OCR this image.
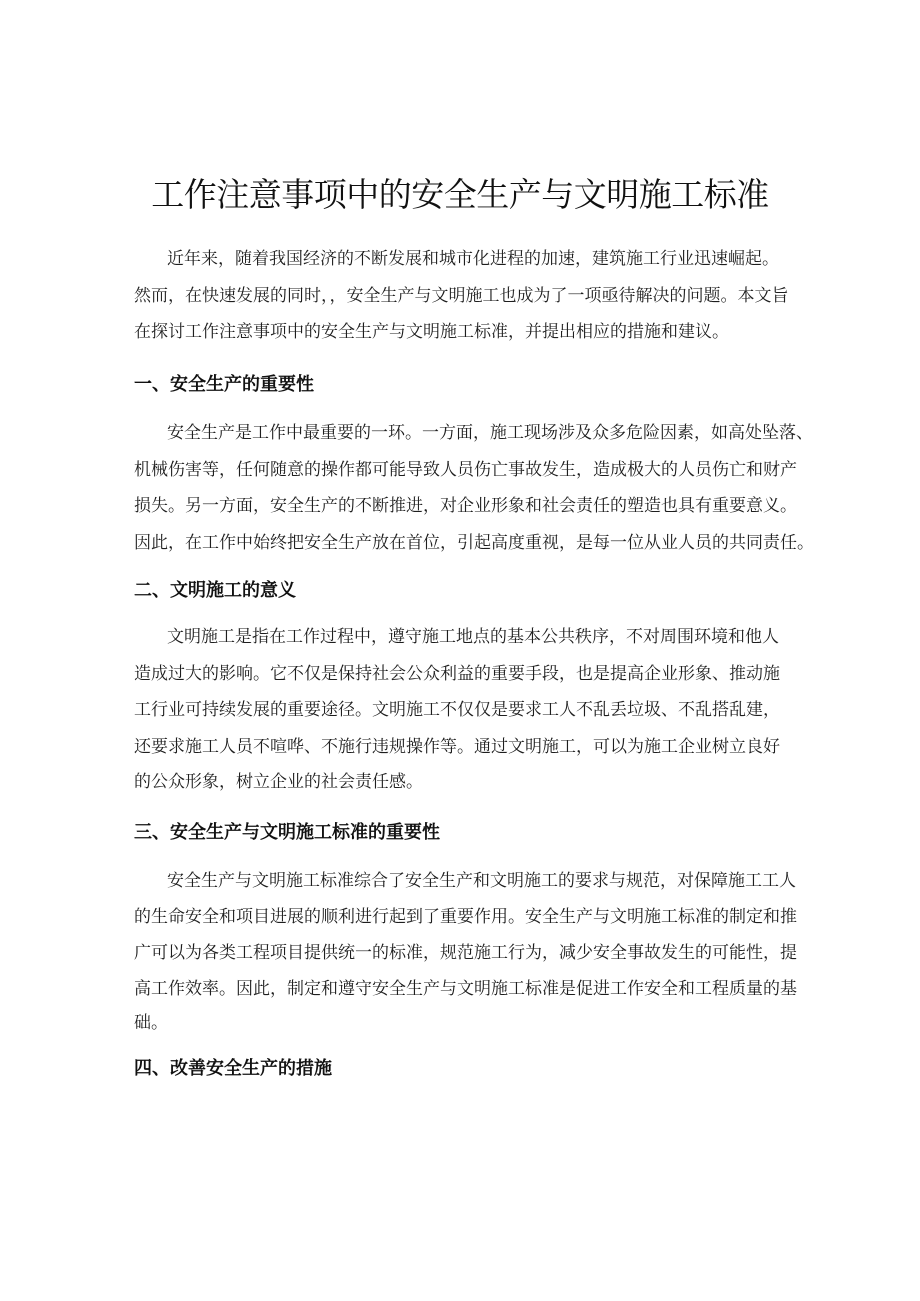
工作注意事项中的安全生产与文明施工标准
近年来，随着我国经济的不断发展和城市化进程的加速，建筑施工行业迅速崛起。
然而，在快速发展的同时，，安全生产与文明施工也成为了一项亟待解决的问题。本文旨
在探讨工作注意事项中的安全生产与文明施工标准，并提出相应的措施和建议。
一、安全生产的重要性
安全生产是工作中最重要的一环。一方面，施工现场涉及众多危险因素，如高处坠落、
机械伤害等，任何随意的操作都可能导致人员伤亡事故发生，造成极大的人员伤亡和财产
损失。另一方面，安全生产的不断推进，对企业形象和社会责任的塑造也具有重要意义。
因此，在工作中始终把安全生产放在首位，引起高度重视，是每一位从业人员的共同责任。
二、文明施工的意义
文明施工是指在工作过程中，遵守施工地点的基本公共秩序，不对周围环境和他人
造成过大的影响。它不仅是保持社会公众利益的重要手段，也是提高企业形象、推动施
工行业可持续发展的重要途径。文明施工不仅仅是要求工人不乱丢垃圾、不乱搭乱建，
还要求施工人员不喧哗、不施行违规操作等。通过文明施工，可以为施工企业树立良好
的公众形象，树立企业的社会责任感。
三、安全生产与文明施工标准的重要性
安全生产与文明施工标准综合了安全生产和文明施工的要求与规范，对保障施工工人
的生命安全和项目进展的顺利进行起到了重要作用。安全生产与文明施工标准的制定和推
广可以为各类工程项目提供统一的标准，规范施工行为，减少安全事故发生的可能性，提
高工作效率。因此，制定和遵守安全生产与文明施工标准是促进工作安全和工程质量的基
础。
四、改善安全生产的措施
